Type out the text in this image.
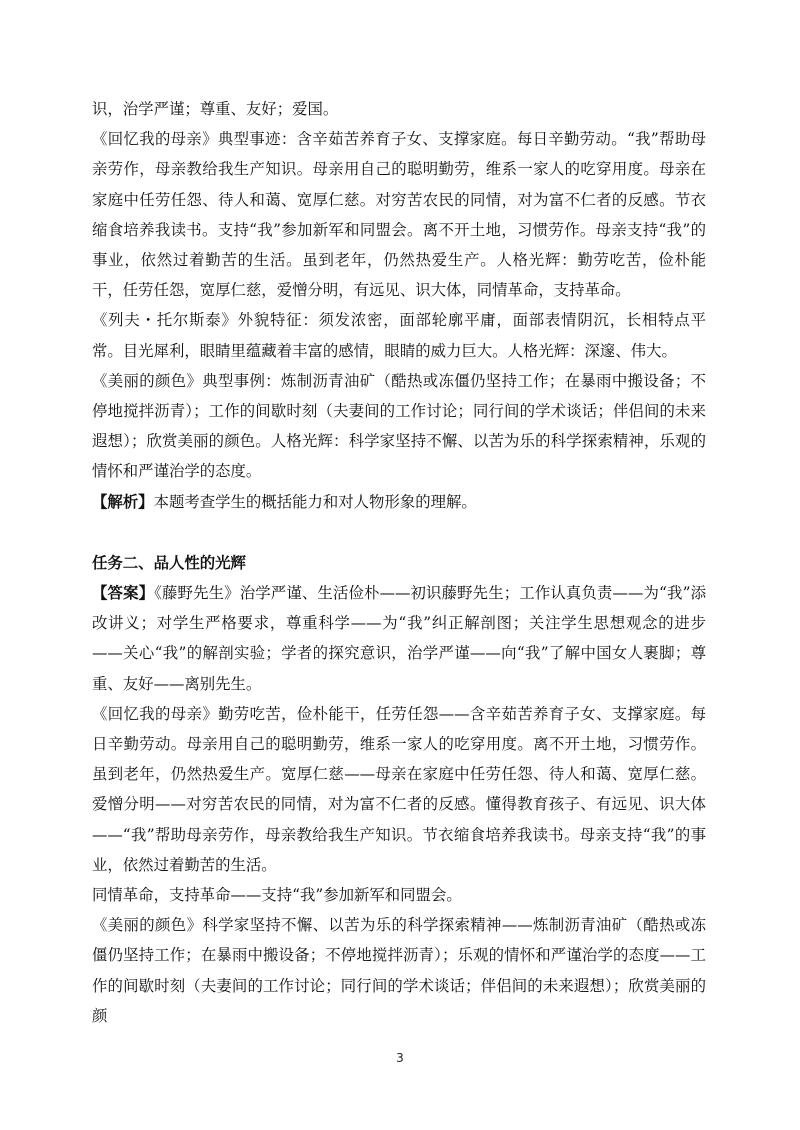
识，治学严谨；尊重、友好；爱国。

《回忆我的母亲》典型事迹：含辛茹苦养育子女、支撑家庭。每日辛勤劳动。“我”帮助母亲劳作，母亲教给我生产知识。母亲用自己的聪明勤劳，维系一家人的吃穿用度。母亲在家庭中任劳任怨、待人和蔼、宽厚仁慈。对穷苦农民的同情，对为富不仁者的反感。节衣缩食培养我读书。支持“我”参加新军和同盟会。离不开土地，习惯劳作。母亲支持“我”的事业，依然过着勤苦的生活。虽到老年，仍然热爱生产。人格光辉：勤劳吃苦，俭朴能干，任劳任怨，宽厚仁慈，爱憎分明，有远见、识大体，同情革命，支持革命。

《列夫・托尔斯泰》外貌特征：须发浓密，面部轮廓平庸，面部表情阴沉，长相特点平常。目光犀利，眼睛里蕴藏着丰富的感情，眼睛的威力巨大。人格光辉：深邃、伟大。

《美丽的颜色》典型事例：炼制沥青油矿（酷热或冻僵仍坚持工作；在暴雨中搬设备；不停地搅拌沥青）；工作的间歇时刻（夫妻间的工作讨论；同行间的学术谈话；伴侣间的未来遐想）；欣赏美丽的颜色。人格光辉：科学家坚持不懈、以苦为乐的科学探索精神，乐观的情怀和严谨治学的态度。

【解析】本题考查学生的概括能力和对人物形象的理解。

任务二、品人性的光辉

【答案】《藤野先生》治学严谨、生活俭朴——初识藤野先生；工作认真负责——为“我”添改讲义；对学生严格要求，尊重科学——为“我”纠正解剖图；关注学生思想观念的进步——关心“我”的解剖实验；学者的探究意识，治学严谨——向“我”了解中国女人裹脚；尊重、友好——离别先生。

《回忆我的母亲》勤劳吃苦，俭朴能干，任劳任怨——含辛茹苦养育子女、支撑家庭。每日辛勤劳动。母亲用自己的聪明勤劳，维系一家人的吃穿用度。离不开土地，习惯劳作。虽到老年，仍然热爱生产。宽厚仁慈——母亲在家庭中任劳任怨、待人和蔼、宽厚仁慈。爱憎分明——对穷苦农民的同情，对为富不仁者的反感。懂得教育孩子、有远见、识大体——“我”帮助母亲劳作，母亲教给我生产知识。节衣缩食培养我读书。母亲支持“我”的事业，依然过着勤苦的生活。

同情革命，支持革命——支持“我”参加新军和同盟会。

《美丽的颜色》科学家坚持不懈、以苦为乐的科学探索精神——炼制沥青油矿（酷热或冻僵仍坚持工作；在暴雨中搬设备；不停地搅拌沥青）；乐观的情怀和严谨治学的态度——工作的间歇时刻（夫妻间的工作讨论；同行间的学术谈话；伴侣间的未来遐想）；欣赏美丽的颜

3
